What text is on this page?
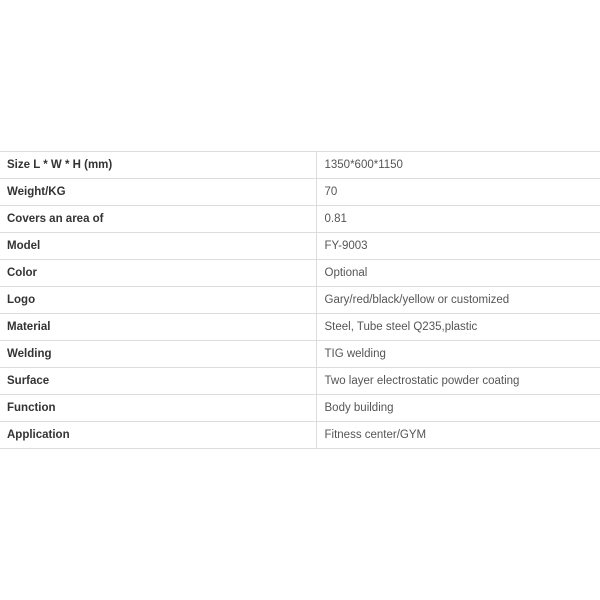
Size L * W * H (mm)	1350*600*1150
Weight/KG	70
Covers an area of	0.81
Model	FY-9003
Color	Optional
Logo	Gary/red/black/yellow or customized
Material	Steel, Tube steel Q235,plastic
Welding	TIG welding
Surface	Two layer electrostatic powder coating
Function	Body building
Application	Fitness center/GYM
